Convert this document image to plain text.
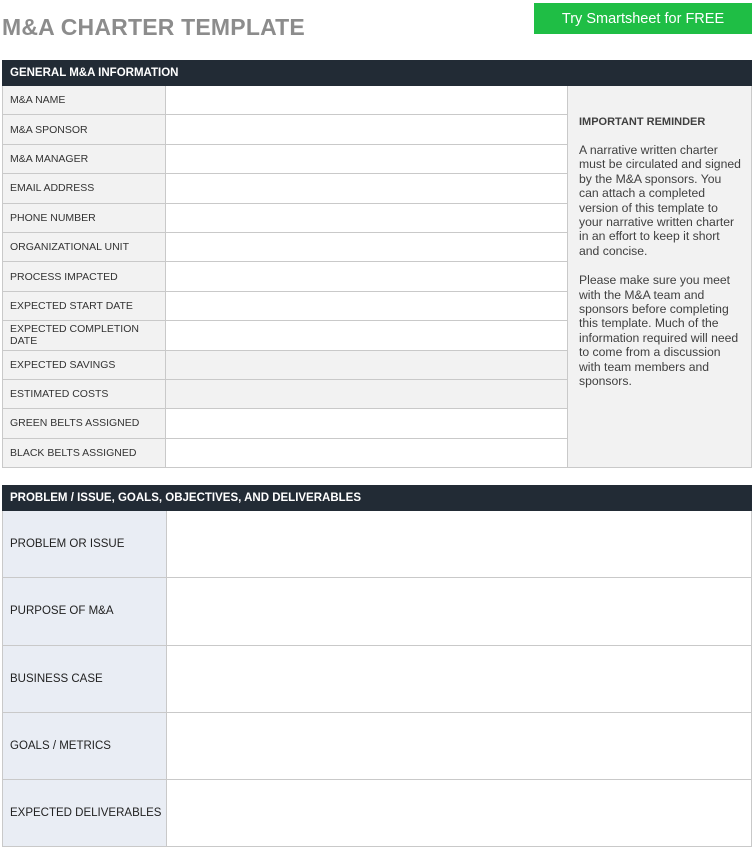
M&A CHARTER TEMPLATE	Try Smartsheet for FREE
GENERAL M&A INFORMATION
M&A NAME
M&A SPONSOR
M&A MANAGER
EMAIL ADDRESS
PHONE NUMBER
ORGANIZATIONAL UNIT
PROCESS IMPACTED
EXPECTED START DATE
EXPECTED COMPLETION DATE
EXPECTED SAVINGS
ESTIMATED COSTS
GREEN BELTS ASSIGNED
BLACK BELTS ASSIGNED
IMPORTANT REMINDER
A narrative written charter must be circulated and signed by the M&A sponsors. You can attach a completed version of this template to your narrative written charter in an effort to keep it short and concise.
Please make sure you meet with the M&A team and sponsors before completing this template. Much of the information required will need to come from a discussion with team members and sponsors.
PROBLEM / ISSUE, GOALS, OBJECTIVES, AND DELIVERABLES
PROBLEM OR ISSUE
PURPOSE OF M&A
BUSINESS CASE
GOALS / METRICS
EXPECTED DELIVERABLES
